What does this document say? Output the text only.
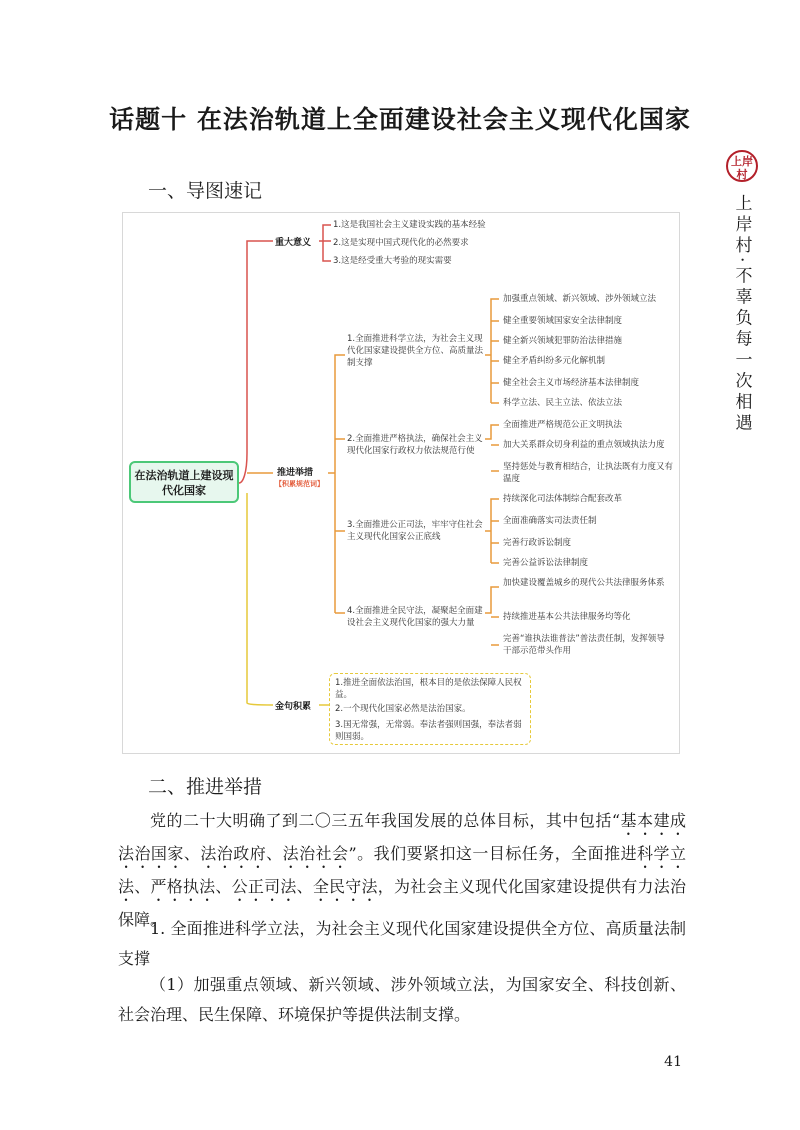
话题十 在法治轨道上全面建设社会主义现代化国家
一、导图速记
上岸村
上岸村·不辜负每一次相遇
在法治轨道上建设现代化国家
重大意义
1.这是我国社会主义建设实践的基本经验
2.这是实现中国式现代化的必然要求
3.这是经受重大考验的现实需要
推进举措
【积累规范词】
1.全面推进科学立法，为社会主义现代化国家建设提供全方位、高质量法制支撑
加强重点领域、新兴领域、涉外领域立法
健全重要领域国家安全法律制度
健全新兴领域犯罪防治法律措施
健全矛盾纠纷多元化解机制
健全社会主义市场经济基本法律制度
科学立法、民主立法、依法立法
2.全面推进严格执法，确保社会主义现代化国家行政权力依法规范行使
全面推进严格规范公正文明执法
加大关系群众切身利益的重点领域执法力度
坚持惩处与教育相结合，让执法既有力度又有温度
3.全面推进公正司法，牢牢守住社会主义现代化国家公正底线
持续深化司法体制综合配套改革
全面准确落实司法责任制
完善行政诉讼制度
完善公益诉讼法律制度
4.全面推进全民守法，凝聚起全面建设社会主义现代化国家的强大力量
加快建设覆盖城乡的现代公共法律服务体系
持续推进基本公共法律服务均等化
完善“谁执法谁普法”普法责任制，发挥领导干部示范带头作用
金句积累
1.推进全面依法治国，根本目的是依法保障人民权益。
2.一个现代化国家必然是法治国家。
3.国无常强，无常弱。奉法者强则国强，奉法者弱则国弱。
二、推进举措
党的二十大明确了到二〇三五年我国发展的总体目标，其中包括“基本建成法治国家、法治政府、法治社会”。我们要紧扣这一目标任务，全面推进科学立法、严格执法、公正司法、全民守法，为社会主义现代化国家建设提供有力法治保障。
1. 全面推进科学立法，为社会主义现代化国家建设提供全方位、高质量法制支撑
（1）加强重点领域、新兴领域、涉外领域立法，为国家安全、科技创新、社会治理、民生保障、环境保护等提供法制支撑。
41
